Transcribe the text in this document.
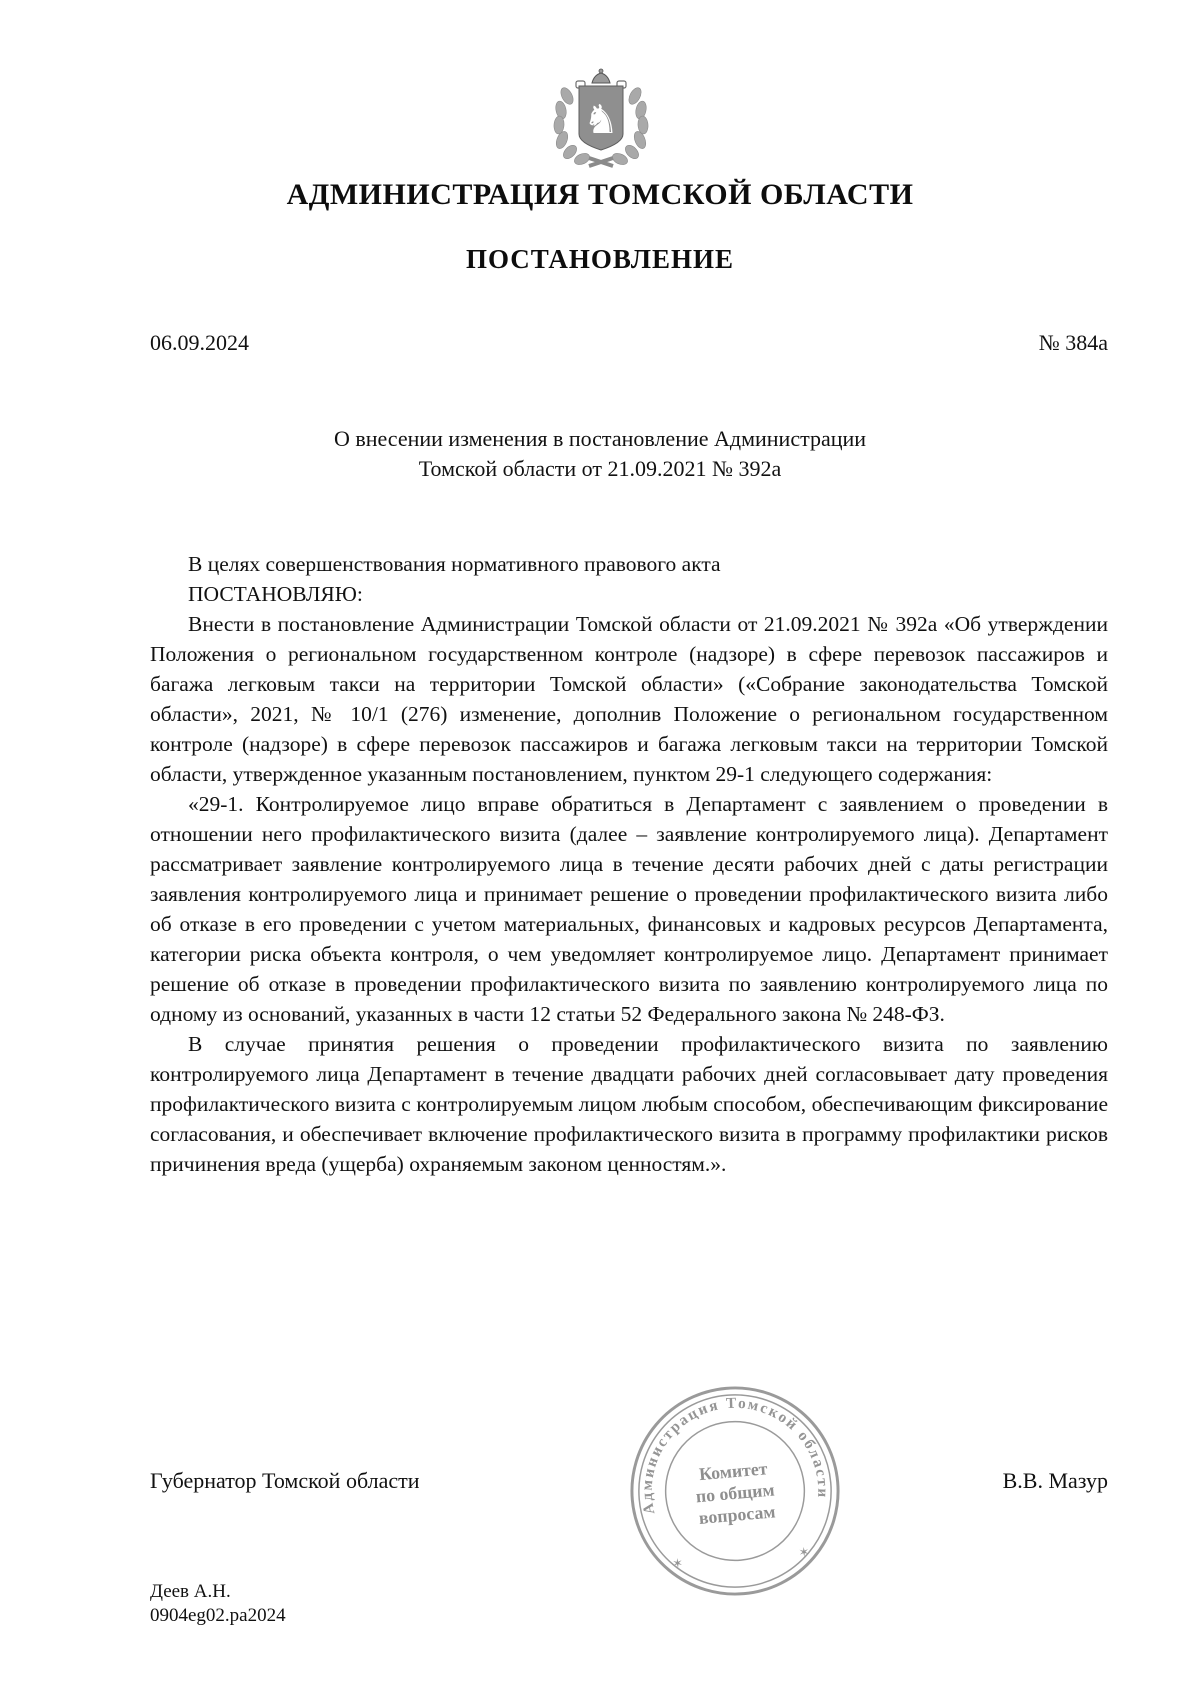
♞
АДМИНИСТРАЦИЯ ТОМСКОЙ ОБЛАСТИ
ПОСТАНОВЛЕНИЕ
06.09.2024	№ 384а
О внесении изменения в постановление Администрации
Томской области от 21.09.2021 № 392а

В целях совершенствования нормативного правового акта

ПОСТАНОВЛЯЮ:

Внести в постановление Администрации Томской области от 21.09.2021 № 392а «Об утверждении Положения о региональном государственном контроле (надзоре) в сфере перевозок пассажиров и багажа легковым такси на территории Томской области» («Собрание законодательства Томской области», 2021, № 10/1 (276) изменение, дополнив Положение о региональном государственном контроле (надзоре) в сфере перевозок пассажиров и багажа легковым такси на территории Томской области, утвержденное указанным постановлением, пунктом 29-1 следующего содержания:

«29-1. Контролируемое лицо вправе обратиться в Департамент с заявлением о проведении в отношении него профилактического визита (далее – заявление контролируемого лица). Департамент рассматривает заявление контролируемого лица в течение десяти рабочих дней с даты регистрации заявления контролируемого лица и принимает решение о проведении профилактического визита либо об отказе в его проведении с учетом материальных, финансовых и кадровых ресурсов Департамента, категории риска объекта контроля, о чем уведомляет контролируемое лицо. Департамент принимает решение об отказе в проведении профилактического визита по заявлению контролируемого лица по одному из оснований, указанных в части 12 статьи 52 Федерального закона № 248-ФЗ.

В случае принятия решения о проведении профилактического визита по заявлению контролируемого лица Департамент в течение двадцати рабочих дней согласовывает дату проведения профилактического визита с контролируемым лицом любым способом, обеспечивающим фиксирование согласования, и обеспечивает включение профилактического визита в программу профилактики рисков причинения вреда (ущерба) охраняемым законом ценностям.».

Администрация Томской области
✶
✶
Комитет
по общим
вопросам
Губернатор Томской области	В.В. Мазур
Деев А.Н.
0904eg02.pa2024
